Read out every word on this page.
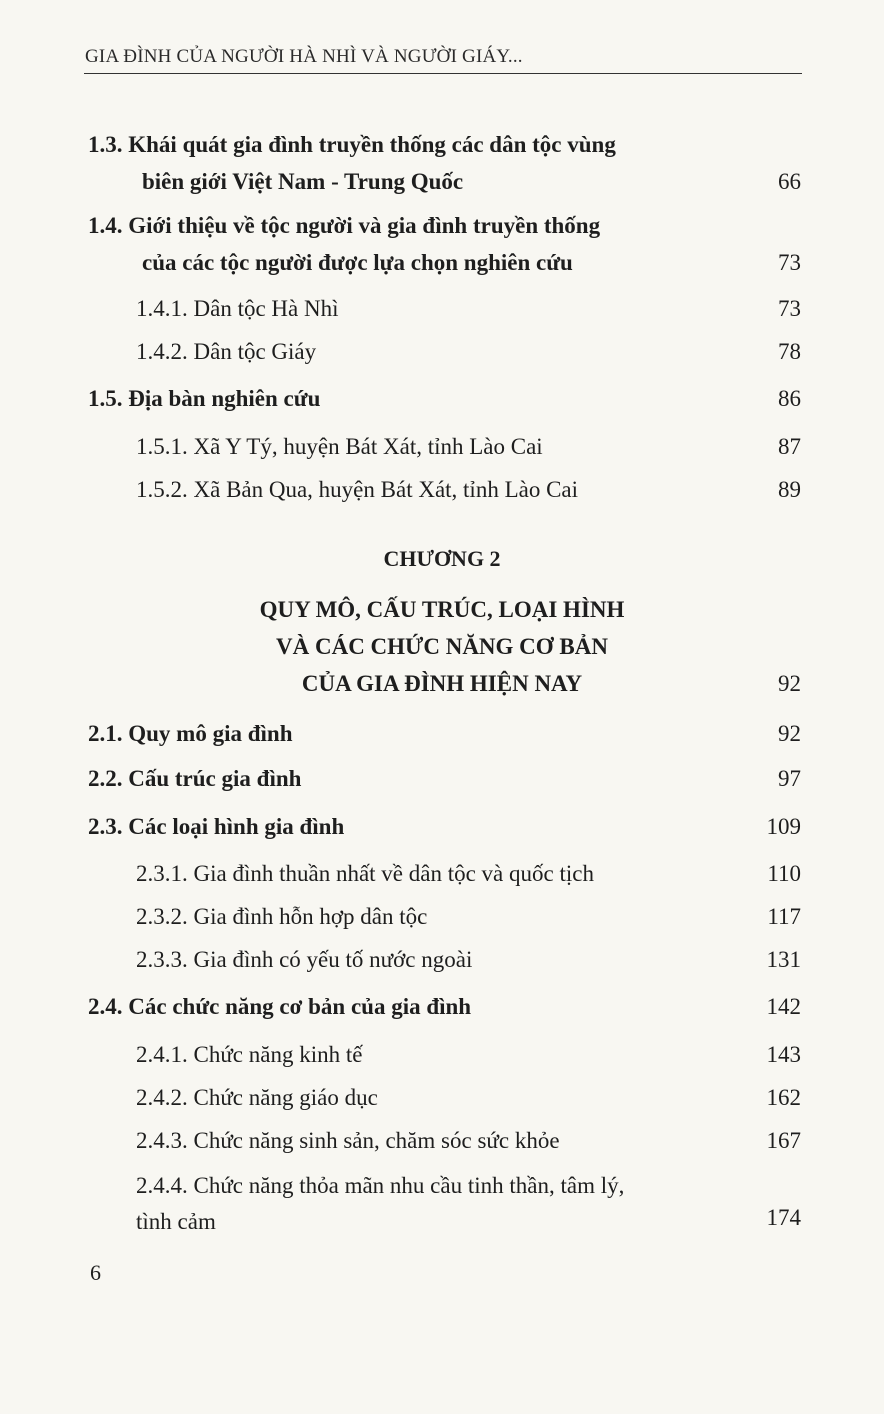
GIA ĐÌNH CỦA NGƯỜI HÀ NHÌ VÀ NGƯỜI GIÁY...
1.3. Khái quát gia đình truyền thống các dân tộc vùng
biên giới Việt Nam - Trung Quốc	66
1.4. Giới thiệu về tộc người và gia đình truyền thống
của các tộc người được lựa chọn nghiên cứu	73
1.4.1. Dân tộc Hà Nhì	73
1.4.2. Dân tộc Giáy	78
1.5. Địa bàn nghiên cứu	86
1.5.1. Xã Y Tý, huyện Bát Xát, tỉnh Lào Cai	87
1.5.2. Xã Bản Qua, huyện Bát Xát, tỉnh Lào Cai	89
CHƯƠNG 2
QUY MÔ, CẤU TRÚC, LOẠI HÌNH
VÀ CÁC CHỨC NĂNG CƠ BẢN
CỦA GIA ĐÌNH HIỆN NAY	92
2.1. Quy mô gia đình	92
2.2. Cấu trúc gia đình	97
2.3. Các loại hình gia đình	109
2.3.1. Gia đình thuần nhất về dân tộc và quốc tịch	110
2.3.2. Gia đình hỗn hợp dân tộc	117
2.3.3. Gia đình có yếu tố nước ngoài	131
2.4. Các chức năng cơ bản của gia đình	142
2.4.1. Chức năng kinh tế	143
2.4.2. Chức năng giáo dục	162
2.4.3. Chức năng sinh sản, chăm sóc sức khỏe	167
2.4.4. Chức năng thỏa mãn nhu cầu tinh thần, tâm lý,
tình cảm	174
6
